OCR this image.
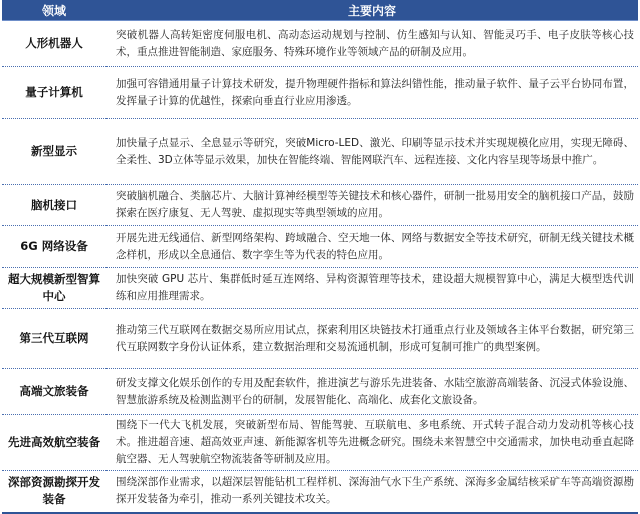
领域	主要内容
人形机器人	突破机器人高转矩密度伺服电机、高动态运动规划与控制、仿生感知与认知、智能灵巧手、电子皮肤等核心技术，重点推进智能制造、家庭服务、特殊环境作业等领域产品的研制及应用。
量子计算机	加强可容错通用量子计算技术研发，提升物理硬件指标和算法纠错性能，推动量子软件、量子云平台协同布置，发挥量子计算的优越性，探索向垂直行业应用渗透。
新型显示	加快量子点显示、全息显示等研究，突破Micro-LED、激光、印刷等显示技术并实现规模化应用，实现无障碍、全柔性、3D立体等显示效果，加快在智能终端、智能网联汽车、远程连接、文化内容呈现等场景中推广。
脑机接口	突破脑机融合、类脑芯片、大脑计算神经模型等关键技术和核心器件，研制一批易用安全的脑机接口产品，鼓励探索在医疗康复、无人驾驶、虚拟现实等典型领域的应用。
6G 网络设备	开展先进无线通信、新型网络架构、跨域融合、空天地一体、网络与数据安全等技术研究，研制无线关键技术概念样机，形成以全息通信、数字孪生等为代表的特色应用。
超大规模新型智算中心	加快突破 GPU 芯片、集群低时延互连网络、异构资源管理等技术，建设超大规模智算中心，满足大模型迭代训练和应用推理需求。
第三代互联网	推动第三代互联网在数据交易所应用试点，探索利用区块链技术打通重点行业及领域各主体平台数据，研究第三代互联网数字身份认证体系，建立数据治理和交易流通机制，形成可复制可推广的典型案例。
高端文旅装备	研发支撑文化娱乐创作的专用及配套软件，推进演艺与游乐先进装备、水陆空旅游高端装备、沉浸式体验设施、智慧旅游系统及检测监测平台的研制，发展智能化、高端化、成套化文旅设备。
先进高效航空装备	围绕下一代大飞机发展，突破新型布局、智能驾驶、互联航电、多电系统、开式转子混合动力发动机等核心技术。推进超音速、超高效亚声速、新能源客机等先进概念研究。围绕未来智慧空中交通需求，加快电动垂直起降航空器、无人驾驶航空物流装备等研制及应用。
深部资源勘探开发装备	围绕深部作业需求，以超深层智能钻机工程样机、深海油气水下生产系统、深海多金属结核采矿车等高端资源勘探开发装备为牵引，推动一系列关键技术攻关。
